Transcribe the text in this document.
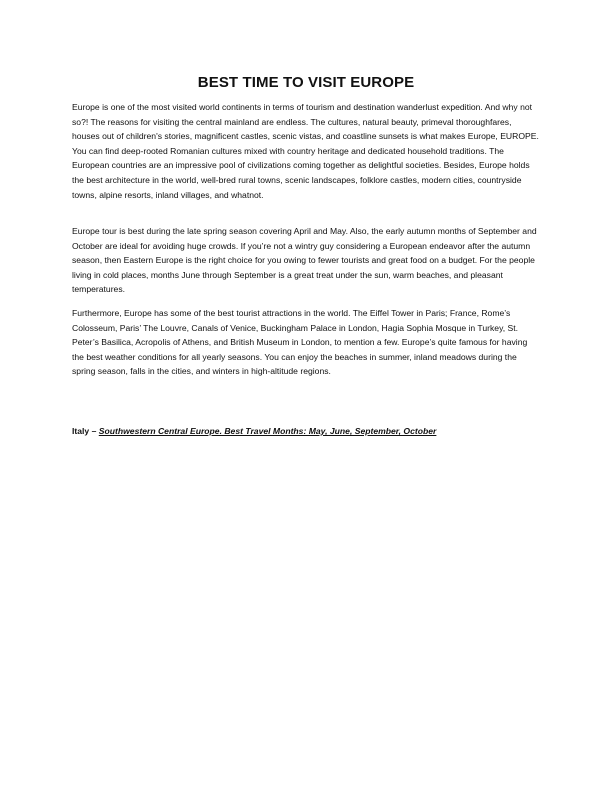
BEST TIME TO VISIT EUROPE

Europe is one of the most visited world continents in terms of tourism and destination wanderlust expedition. And why not so?! The reasons for visiting the central mainland are endless. The cultures, natural beauty, primeval thoroughfares, houses out of children's stories, magnificent castles, scenic vistas, and coastline sunsets is what makes Europe, EUROPE. You can find deep-rooted Romanian cultures mixed with country heritage and dedicated household traditions. The European countries are an impressive pool of civilizations coming together as delightful societies. Besides, Europe holds the best architecture in the world, well-bred rural towns, scenic landscapes, folklore castles, modern cities, countryside towns, alpine resorts, inland villages, and whatnot.

Europe tour is best during the late spring season covering April and May. Also, the early autumn months of September and October are ideal for avoiding huge crowds. If you’re not a wintry guy considering a European endeavor after the autumn season, then Eastern Europe is the right choice for you owing to fewer tourists and great food on a budget. For the people living in cold places, months June through September is a great treat under the sun, warm beaches, and pleasant temperatures.

Furthermore, Europe has some of the best tourist attractions in the world. The Eiffel Tower in Paris; France, Rome’s Colosseum, Paris’ The Louvre, Canals of Venice, Buckingham Palace in London, Hagia Sophia Mosque in Turkey, St. Peter’s Basilica, Acropolis of Athens, and British Museum in London, to mention a few. Europe’s quite famous for having the best weather conditions for all yearly seasons. You can enjoy the beaches in summer, inland meadows during the spring season, falls in the cities, and winters in high-altitude regions.

Italy – Southwestern Central Europe. Best Travel Months: May, June, September, October
